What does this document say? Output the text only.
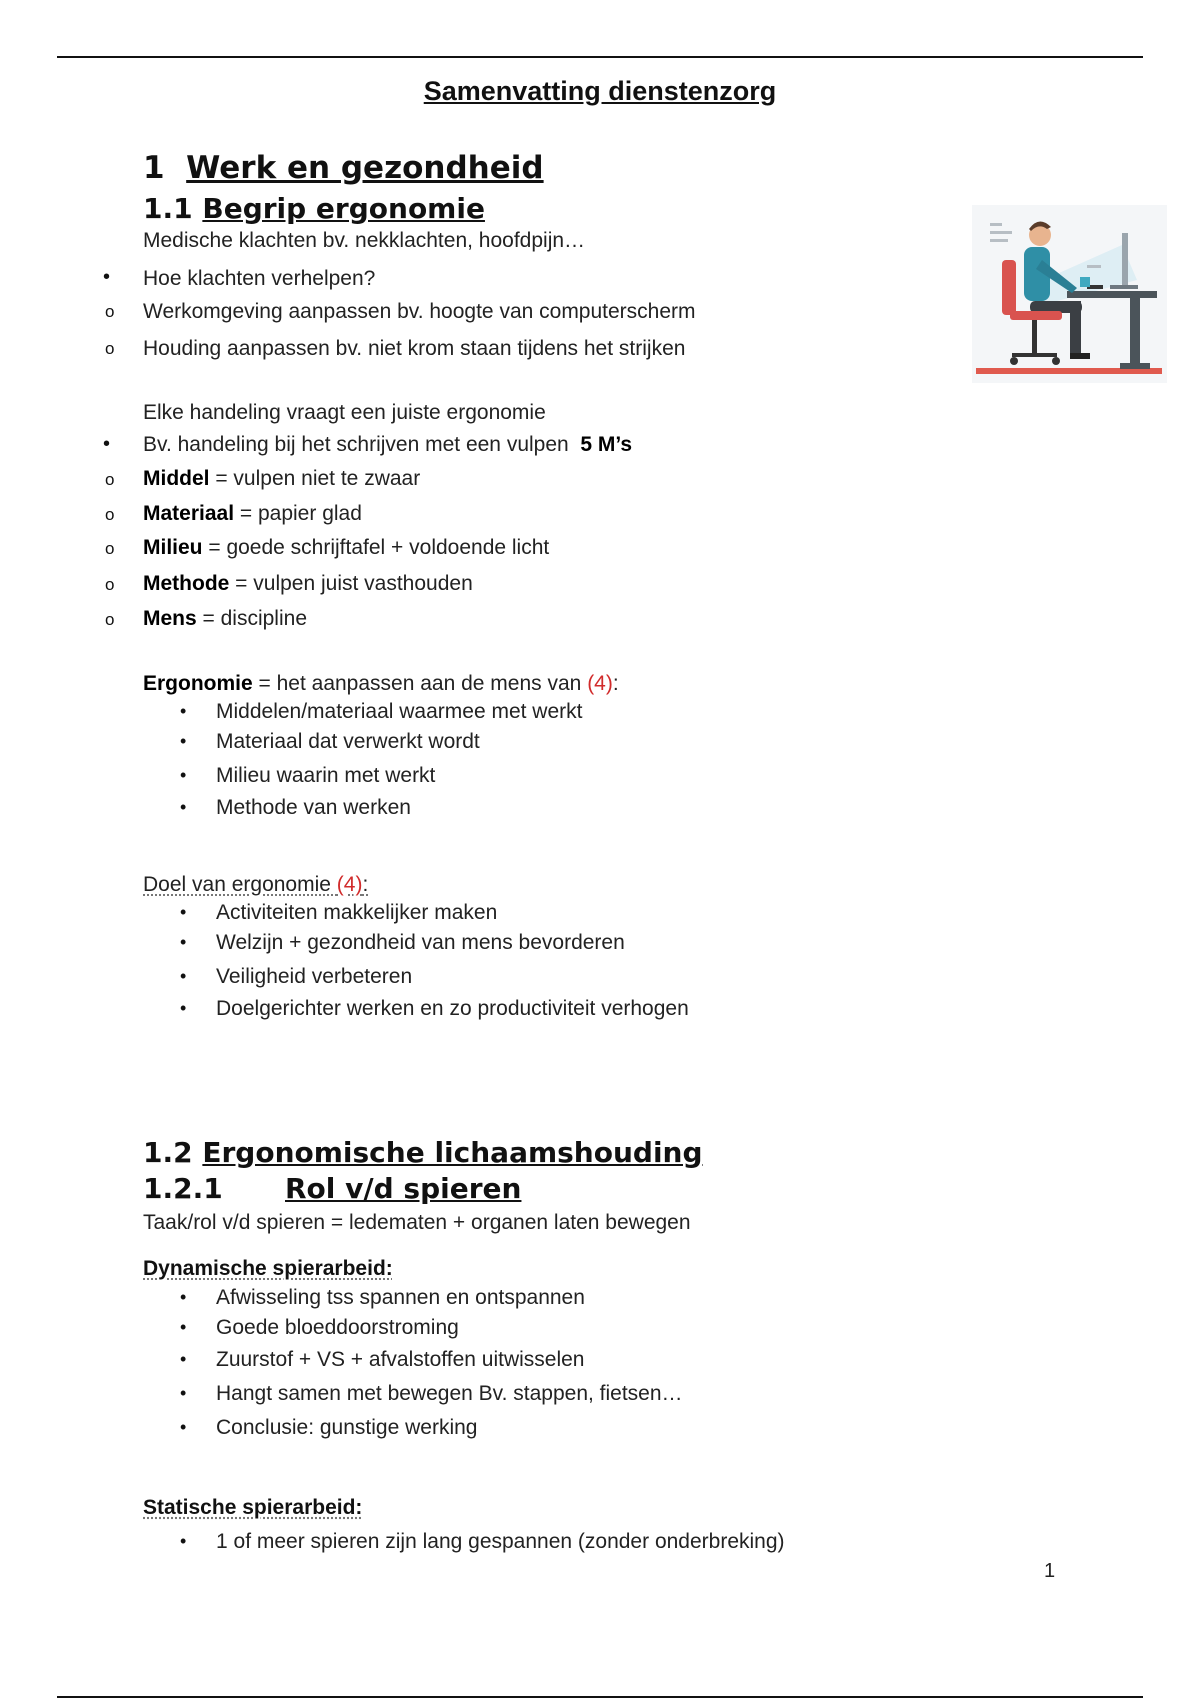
Samenvatting dienstenzorg
1 Werk en gezondheid
1.1 Begrip ergonomie
Medische klachten bv. nekklachten, hoofdpijn…
• Hoe klachten verhelpen?
o Werkomgeving aanpassen bv. hoogte van computerscherm
o Houding aanpassen bv. niet krom staan tijdens het strijken
Elke handeling vraagt een juiste ergonomie
• Bv. handeling bij het schrijven met een vulpen 5 M’s
o Middel = vulpen niet te zwaar
o Materiaal = papier glad
o Milieu = goede schrijftafel + voldoende licht
o Methode = vulpen juist vasthouden
o Mens = discipline
Ergonomie = het aanpassen aan de mens van (4):
• Middelen/materiaal waarmee met werkt
• Materiaal dat verwerkt wordt
• Milieu waarin met werkt
• Methode van werken
Doel van ergonomie (4):
• Activiteiten makkelijker maken
• Welzijn + gezondheid van mens bevorderen
• Veiligheid verbeteren
• Doelgerichter werken en zo productiviteit verhogen
1.2 Ergonomische lichaamshouding
1.2.1 Rol v/d spieren
Taak/rol v/d spieren = ledematen + organen laten bewegen
Dynamische spierarbeid:
• Afwisseling tss spannen en ontspannen
• Goede bloeddoorstroming
• Zuurstof + VS + afvalstoffen uitwisselen
• Hangt samen met bewegen Bv. stappen, fietsen…
• Conclusie: gunstige werking
Statische spierarbeid:
• 1 of meer spieren zijn lang gespannen (zonder onderbreking)
1
